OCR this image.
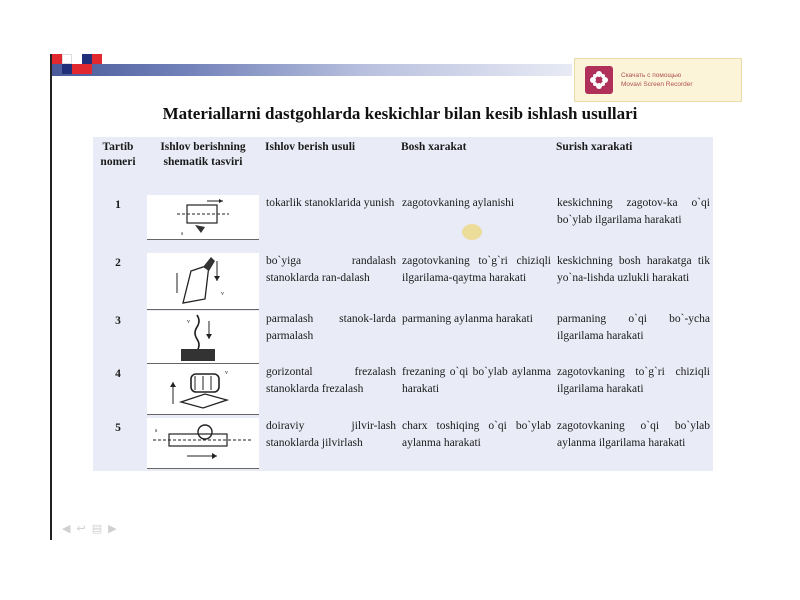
Скачать с помощью
Movavi Screen Recorder
Materiallarni dastgohlarda keskichlar bilan kesib ishlash usullari
Tartib nomeri	Ishlov berishning shematik tasviri	Ishlov berish usuli	Bosh xarakat	Surish xarakati
1	s	tokarlik stanoklarida yunish	zagotovkaning aylanishi	keskichning zagotov-ka o`qi bo`ylab ilgarilama harakati
2	v	bo`yiga randalash stanoklarda ran-dalash	zagotovkaning to`g`ri chiziqli ilgarilama-qaytma harakati	keskichning bosh harakatga tik yo`na-lishda uzlukli harakati
3	v	parmalash stanok-larda parmalash	parmaning aylanma harakati	parmaning o`qi bo`-ycha ilgarilama harakati
4	v	gorizontal frezalash stanoklarda frezalash	frezaning o`qi bo`ylab aylanma harakati	zagotovkaning to`g`ri chiziqli ilgarilama harakati
5	s	doiraviy jilvir-lash stanoklarda jilvirlash	charx toshiqing o`qi bo`ylab aylanma harakati	zagotovkaning o`qi bo`ylab aylanma ilgarilama harakati
◀ ↩ ▤ ▶
